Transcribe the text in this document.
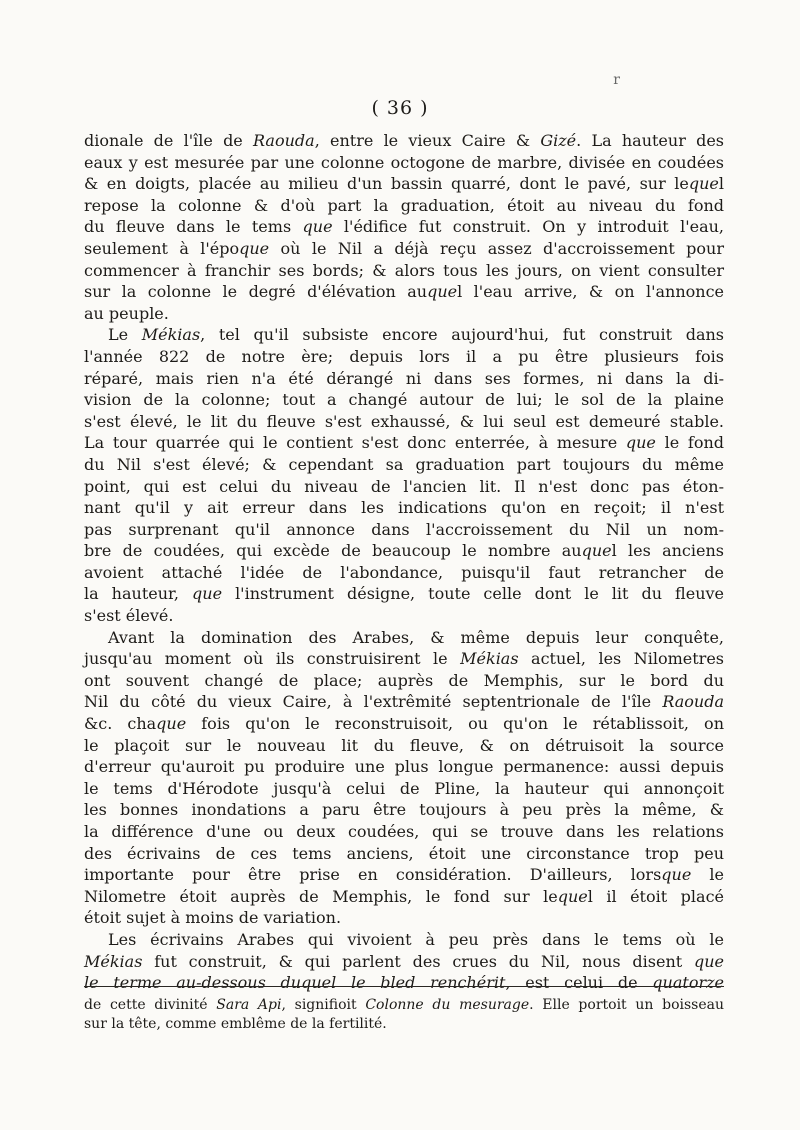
r
( 36 )

dionale de l'île de Raouda, entre le vieux Caire & Gizé. La hauteur des
eaux y est mesurée par une colonne octogone de marbre, divisée en coudées
& en doigts, placée au milieu d'un bassin quarré, dont le pavé, sur lequel
repose la colonne & d'où part la graduation, étoit au niveau du fond
du fleuve dans le tems que l'édifice fut construit. On y introduit l'eau,
seulement à l'époque où le Nil a déjà reçu assez d'accroissement pour
commencer à franchir ses bords; & alors tous les jours, on vient consulter
sur la colonne le degré d'élévation auquel l'eau arrive, & on l'annonce
au peuple.

Le Mékias, tel qu'il subsiste encore aujourd'hui, fut construit dans
l'année 822 de notre ère; depuis lors il a pu être plusieurs fois
réparé, mais rien n'a été dérangé ni dans ses formes, ni dans la di-
vision de la colonne; tout a changé autour de lui; le sol de la plaine
s'est élevé, le lit du fleuve s'est exhaussé, & lui seul est demeuré stable.
La tour quarrée qui le contient s'est donc enterrée, à mesure que le fond
du Nil s'est élevé; & cependant sa graduation part toujours du même
point, qui est celui du niveau de l'ancien lit. Il n'est donc pas éton-
nant qu'il y ait erreur dans les indications qu'on en reçoit; il n'est
pas surprenant qu'il annonce dans l'accroissement du Nil un nom-
bre de coudées, qui excède de beaucoup le nombre auquel les anciens
avoient attaché l'idée de l'abondance, puisqu'il faut retrancher de
la hauteur, que l'instrument désigne, toute celle dont le lit du fleuve
s'est élevé.

Avant la domination des Arabes, & même depuis leur conquête,
jusqu'au moment où ils construisirent le Mékias actuel, les Nilometres
ont souvent changé de place; auprès de Memphis, sur le bord du
Nil du côté du vieux Caire, à l'extrêmité septentrionale de l'île Raouda
&c. chaque fois qu'on le reconstruisoit, ou qu'on le rétablissoit, on
le plaçoit sur le nouveau lit du fleuve, & on détruisoit la source
d'erreur qu'auroit pu produire une plus longue permanence: aussi depuis
le tems d'Hérodote jusqu'à celui de Pline, la hauteur qui annonçoit
les bonnes inondations a paru être toujours à peu près la même, &
la différence d'une ou deux coudées, qui se trouve dans les relations
des écrivains de ces tems anciens, étoit une circonstance trop peu
importante pour être prise en considération. D'ailleurs, lorsque le
Nilometre étoit auprès de Memphis, le fond sur lequel il étoit placé
étoit sujet à moins de variation.

Les écrivains Arabes qui vivoient à peu près dans le tems où le
Mékias fut construit, & qui parlent des crues du Nil, nous disent que
le terme au-dessous duquel le bled renchérit, est celui de quatorze

de cette divinité Sara Api, signifioit Colonne du mesurage. Elle portoit un boisseau
sur la tête, comme emblême de la fertilité.
